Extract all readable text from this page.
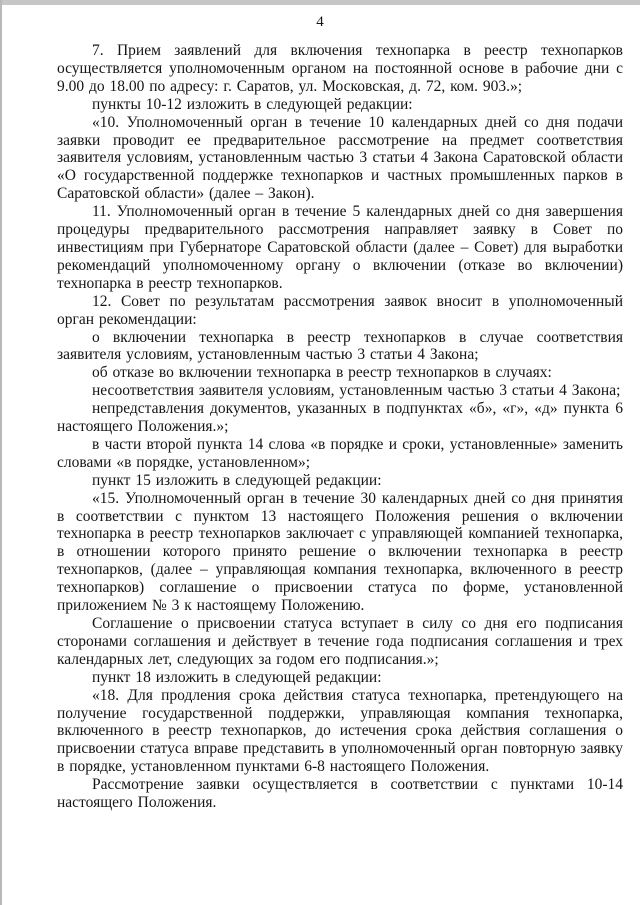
4

7. Прием заявлений для включения технопарка в реестр технопарков осуществляется уполномоченным органом на постоянной основе в рабочие дни с 9.00 до 18.00 по адресу: г. Саратов, ул. Московская, д. 72, ком. 903.»;

пункты 10-12 изложить в следующей редакции:

«10. Уполномоченный орган в течение 10 календарных дней со дня подачи заявки проводит ее предварительное рассмотрение на предмет соответствия заявителя условиям, установленным частью 3 статьи 4 Закона Саратовской области «О государственной поддержке технопарков и частных промышленных парков в Саратовской области» (далее – Закон).

11. Уполномоченный орган в течение 5 календарных дней со дня завершения процедуры предварительного рассмотрения направляет заявку в Совет по инвестициям при Губернаторе Саратовской области (далее – Совет) для выработки рекомендаций уполномоченному органу о включении (отказе во включении) технопарка в реестр технопарков.

12. Совет по результатам рассмотрения заявок вносит в уполномоченный орган рекомендации:

о включении технопарка в реестр технопарков в случае соответствия заявителя условиям, установленным частью 3 статьи 4 Закона;

об отказе во включении технопарка в реестр технопарков в случаях:

несоответствия заявителя условиям, установленным частью 3 статьи 4 Закона;

непредставления документов, указанных в подпунктах «б», «г», «д» пункта 6 настоящего Положения.»;

в части второй пункта 14 слова «в порядке и сроки, установленные» заменить словами «в порядке, установленном»;

пункт 15 изложить в следующей редакции:

«15. Уполномоченный орган в течение 30 календарных дней со дня принятия в соответствии с пунктом 13 настоящего Положения решения о включении технопарка в реестр технопарков заключает с управляющей компанией технопарка, в отношении которого принято решение о включении технопарка в реестр технопарков, (далее – управляющая компания технопарка, включенного в реестр технопарков) соглашение о присвоении статуса по форме, установленной приложением № 3 к настоящему Положению.

Соглашение о присвоении статуса вступает в силу со дня его подписания сторонами соглашения и действует в течение года подписания соглашения и трех календарных лет, следующих за годом его подписания.»;

пункт 18 изложить в следующей редакции:

«18. Для продления срока действия статуса технопарка, претендующего на получение государственной поддержки, управляющая компания технопарка, включенного в реестр технопарков, до истечения срока действия соглашения о присвоении статуса вправе представить в уполномоченный орган повторную заявку в порядке, установленном пунктами 6-8 настоящего Положения.

Рассмотрение заявки осуществляется в соответствии с пунктами 10-14 настоящего Положения.
